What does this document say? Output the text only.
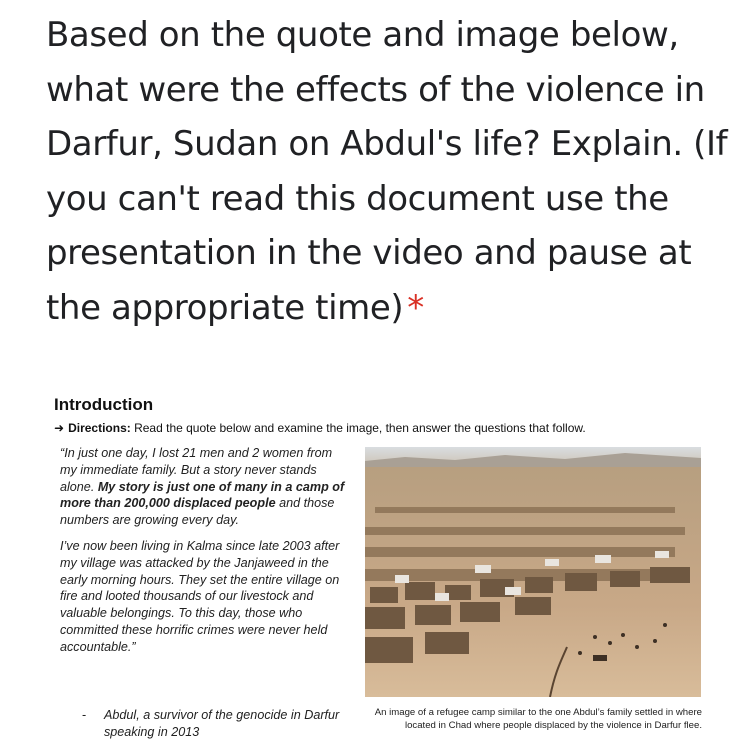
Based on the quote and image below, what were the effects of the violence in Darfur, Sudan on Abdul's life? Explain. (If you can't read this document use the presentation in the video and pause at the appropriate time) *
Introduction
➜ Directions: Read the quote below and examine the image, then answer the questions that follow.

“In just one day, I lost 21 men and 2 women from my immediate family. But a story never stands alone. My story is just one of many in a camp of more than 200,000 displaced people and those numbers are growing every day.

I’ve now been living in Kalma since late 2003 after my village was attacked by the Janjaweed in the early morning hours. They set the entire village on fire and looted thousands of our livestock and valuable belongings. To this day, those who committed these horrific crimes were never held accountable.”

-	Abdul, a survivor of the genocide in Darfur speaking in 2013
An image of a refugee camp similar to the one Abdul’s family settled in where located in Chad where people displaced by the violence in Darfur flee.
